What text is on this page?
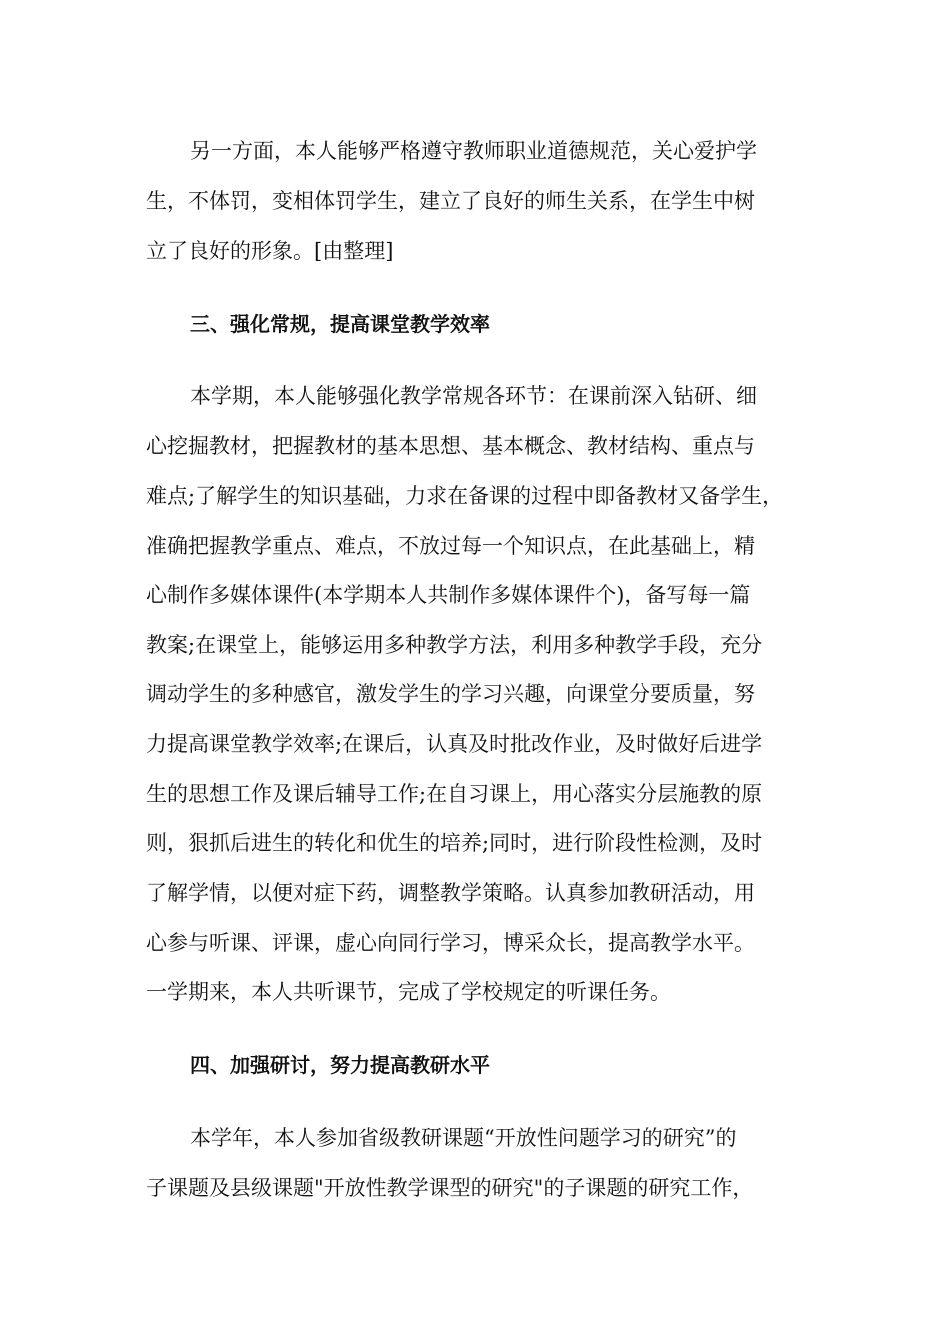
另一方面，本人能够严格遵守教师职业道德规范，关心爱护学
生，不体罚，变相体罚学生，建立了良好的师生关系，在学生中树
立了良好的形象。[由整理]
三、强化常规，提高课堂教学效率
本学期，本人能够强化教学常规各环节：在课前深入钻研、细
心挖掘教材，把握教材的基本思想、基本概念、教材结构、重点与
难点;了解学生的知识基础，力求在备课的过程中即备教材又备学生，
准确把握教学重点、难点，不放过每一个知识点，在此基础上，精
心制作多媒体课件(本学期本人共制作多媒体课件个)，备写每一篇
教案;在课堂上，能够运用多种教学方法，利用多种教学手段，充分
调动学生的多种感官，激发学生的学习兴趣，向课堂分要质量，努
力提高课堂教学效率;在课后，认真及时批改作业，及时做好后进学
生的思想工作及课后辅导工作;在自习课上，用心落实分层施教的原
则，狠抓后进生的转化和优生的培养;同时，进行阶段性检测，及时
了解学情，以便对症下药，调整教学策略。认真参加教研活动，用
心参与听课、评课，虚心向同行学习，博采众长，提高教学水平。
一学期来，本人共听课节，完成了学校规定的听课任务。
四、加强研讨，努力提高教研水平
本学年，本人参加省级教研课题“开放性问题学习的研究”的
子课题及县级课题"开放性教学课型的研究"的子课题的研究工作，
